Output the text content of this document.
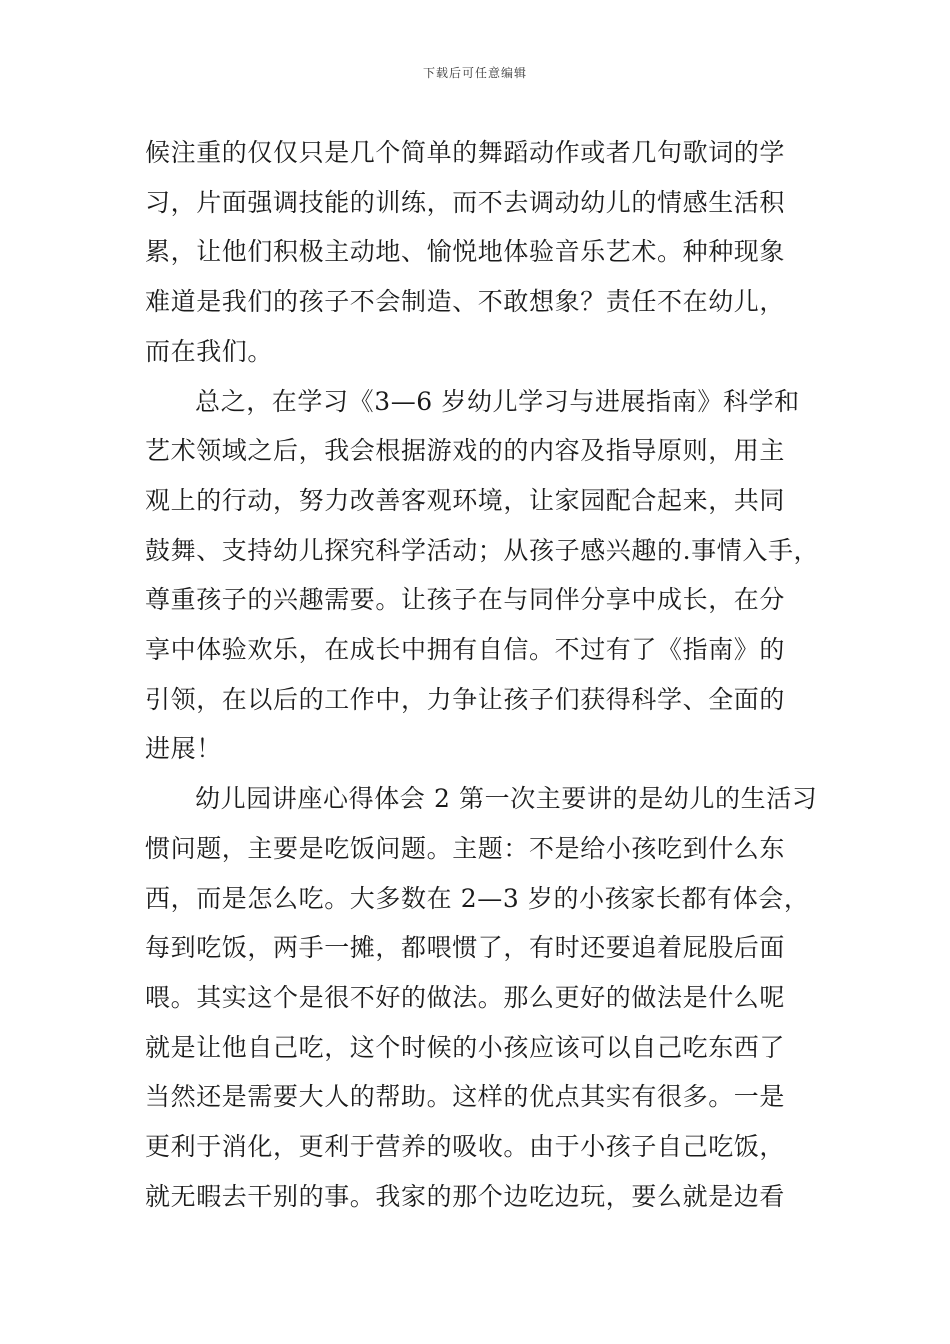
下载后可任意编辑

候注重的仅仅只是几个简单的舞蹈动作或者几句歌词的学
习，片面强调技能的训练，而不去调动幼儿的情感生活积
累，让他们积极主动地、愉悦地体验音乐艺术。种种现象
难道是我们的孩子不会制造、不敢想象？责任不在幼儿，
而在我们。

总之，在学习《3—6 岁幼儿学习与进展指南》科学和
艺术领域之后，我会根据游戏的的内容及指导原则，用主
观上的行动，努力改善客观环境，让家园配合起来，共同
鼓舞、支持幼儿探究科学活动；从孩子感兴趣的.事情入手，
尊重孩子的兴趣需要。让孩子在与同伴分享中成长，在分
享中体验欢乐，在成长中拥有自信。不过有了《指南》的
引领，在以后的工作中，力争让孩子们获得科学、全面的
进展！

幼儿园讲座心得体会 2 第一次主要讲的是幼儿的生活习
惯问题，主要是吃饭问题。主题：不是给小孩吃到什么东
西，而是怎么吃。大多数在 2—3 岁的小孩家长都有体会，
每到吃饭，两手一摊，都喂惯了，有时还要追着屁股后面
喂。其实这个是很不好的做法。那么更好的做法是什么呢
就是让他自己吃，这个时候的小孩应该可以自己吃东西了
当然还是需要大人的帮助。这样的优点其实有很多。一是
更利于消化，更利于营养的吸收。由于小孩子自己吃饭，
就无暇去干别的事。我家的那个边吃边玩，要么就是边看
